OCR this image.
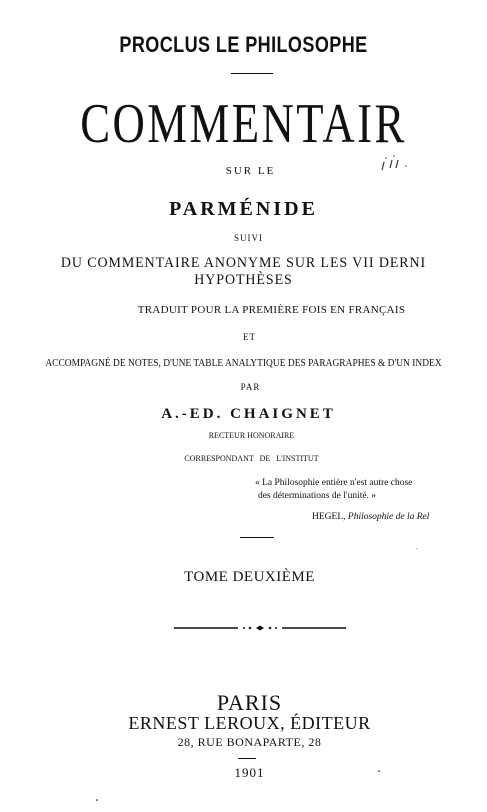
PROCLUS LE PHILOSOPHE
COMMENTAIR
SUR LE
PARMÉNIDE
SUIVI
DU COMMENTAIRE ANONYME SUR LES VII DERNI
HYPOTHÈSES
TRADUIT POUR LA PREMIÈRE FOIS EN FRANÇAIS
ET
ACCOMPAGNÉ DE NOTES, D'UNE TABLE ANALYTIQUE DES PARAGRAPHES & D'UN INDEX
PAR
A.-ED. CHAIGNET
RECTEUR HONORAIRE
CORRESPONDANT DE L'INSTITUT
« La Philosophie entière n'est autre chose
des déterminations de l'unité. »
HEGEL, Philosophie de la Rel
TOME DEUXIÈME
PARIS
ERNEST LEROUX, ÉDITEUR
28, RUE BONAPARTE, 28
1901
